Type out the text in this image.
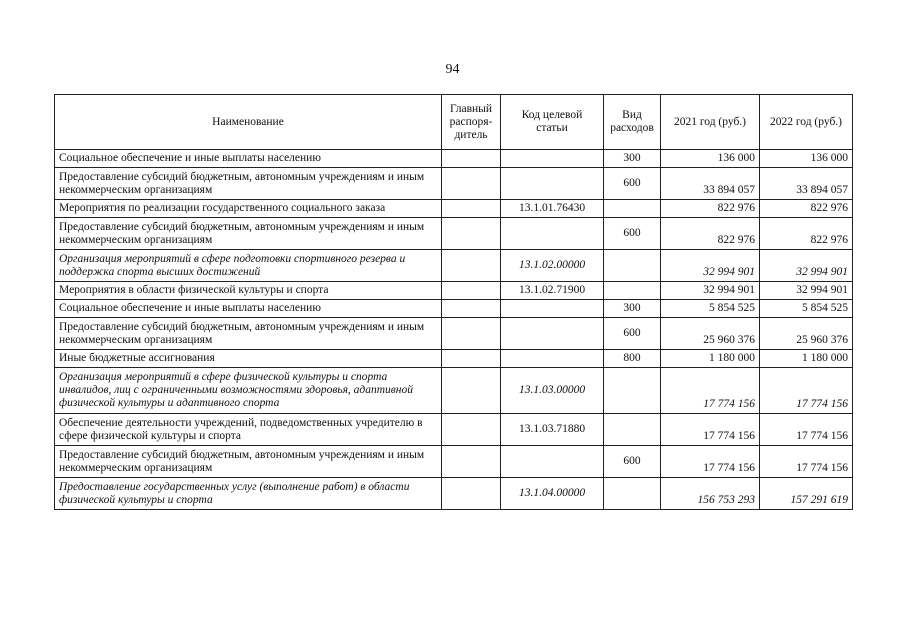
94
Наименование	Главный распоря-дитель	Код целевой статьи	Вид расходов	2021 год (руб.)	2022 год (руб.)
Социальное обеспечение и иные выплаты населению			300	136 000	136 000
Предоставление субсидий бюджетным, автономным учреждениям и иным некоммерческим организациям			600	33 894 057	33 894 057
Мероприятия по реализации государственного социального заказа		13.1.01.76430		822 976	822 976
Предоставление субсидий бюджетным, автономным учреждениям и иным некоммерческим организациям			600	822 976	822 976
Организация мероприятий в сфере подготовки спортивного резерва и поддержка спорта высших достижений		13.1.02.00000		32 994 901	32 994 901
Мероприятия в области физической культуры и спорта		13.1.02.71900		32 994 901	32 994 901
Социальное обеспечение и иные выплаты населению			300	5 854 525	5 854 525
Предоставление субсидий бюджетным, автономным учреждениям и иным некоммерческим организациям			600	25 960 376	25 960 376
Иные бюджетные ассигнования			800	1 180 000	1 180 000
Организация мероприятий в сфере физической культуры и спорта инвалидов, лиц с ограниченными возможностями здоровья, адаптивной физической культуры и адаптивного спорта		13.1.03.00000		17 774 156	17 774 156
Обеспечение деятельности учреждений, подведомственных учредителю в сфере физической культуры и спорта		13.1.03.71880		17 774 156	17 774 156
Предоставление субсидий бюджетным, автономным учреждениям и иным некоммерческим организациям			600	17 774 156	17 774 156
Предоставление государственных услуг (выполнение работ) в области физической культуры и спорта		13.1.04.00000		156 753 293	157 291 619
